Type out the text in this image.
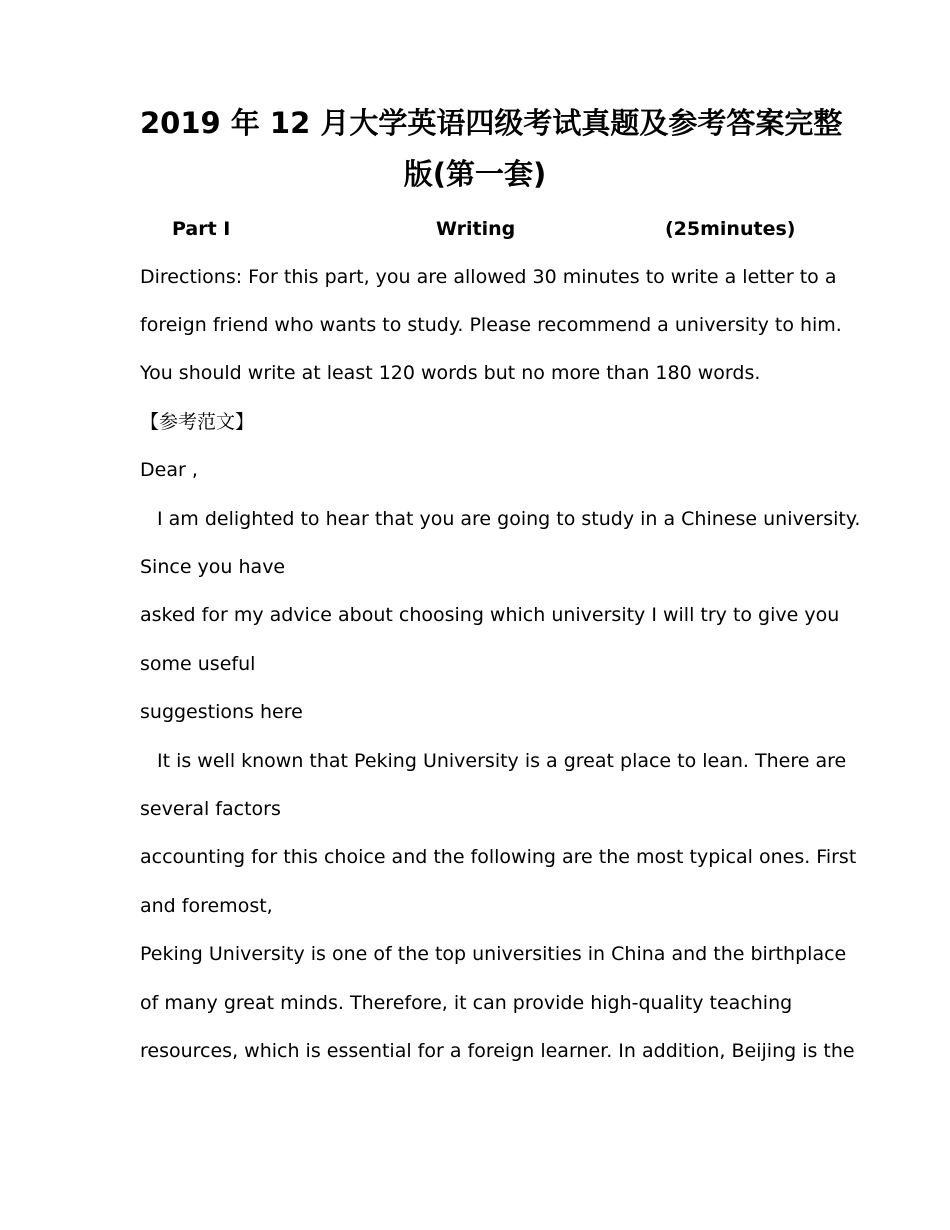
2019 年 12 月大学英语四级考试真题及参考答案完整
版(第一套)
Part I	Writing	(25minutes)
Directions: For this part, you are allowed 30 minutes to write a letter to a
foreign friend who wants to study. Please recommend a university to him.
You should write at least 120 words but no more than 180 words.
【参考范文】
Dear ,
I am delighted to hear that you are going to study in a Chinese university.
Since you have
asked for my advice about choosing which university I will try to give you
some useful
suggestions here
It is well known that Peking University is a great place to lean. There are
several factors
accounting for this choice and the following are the most typical ones. First
and foremost,
Peking University is one of the top universities in China and the birthplace
of many great minds. Therefore, it can provide high-quality teaching
resources, which is essential for a foreign learner. In addition, Beijing is the
